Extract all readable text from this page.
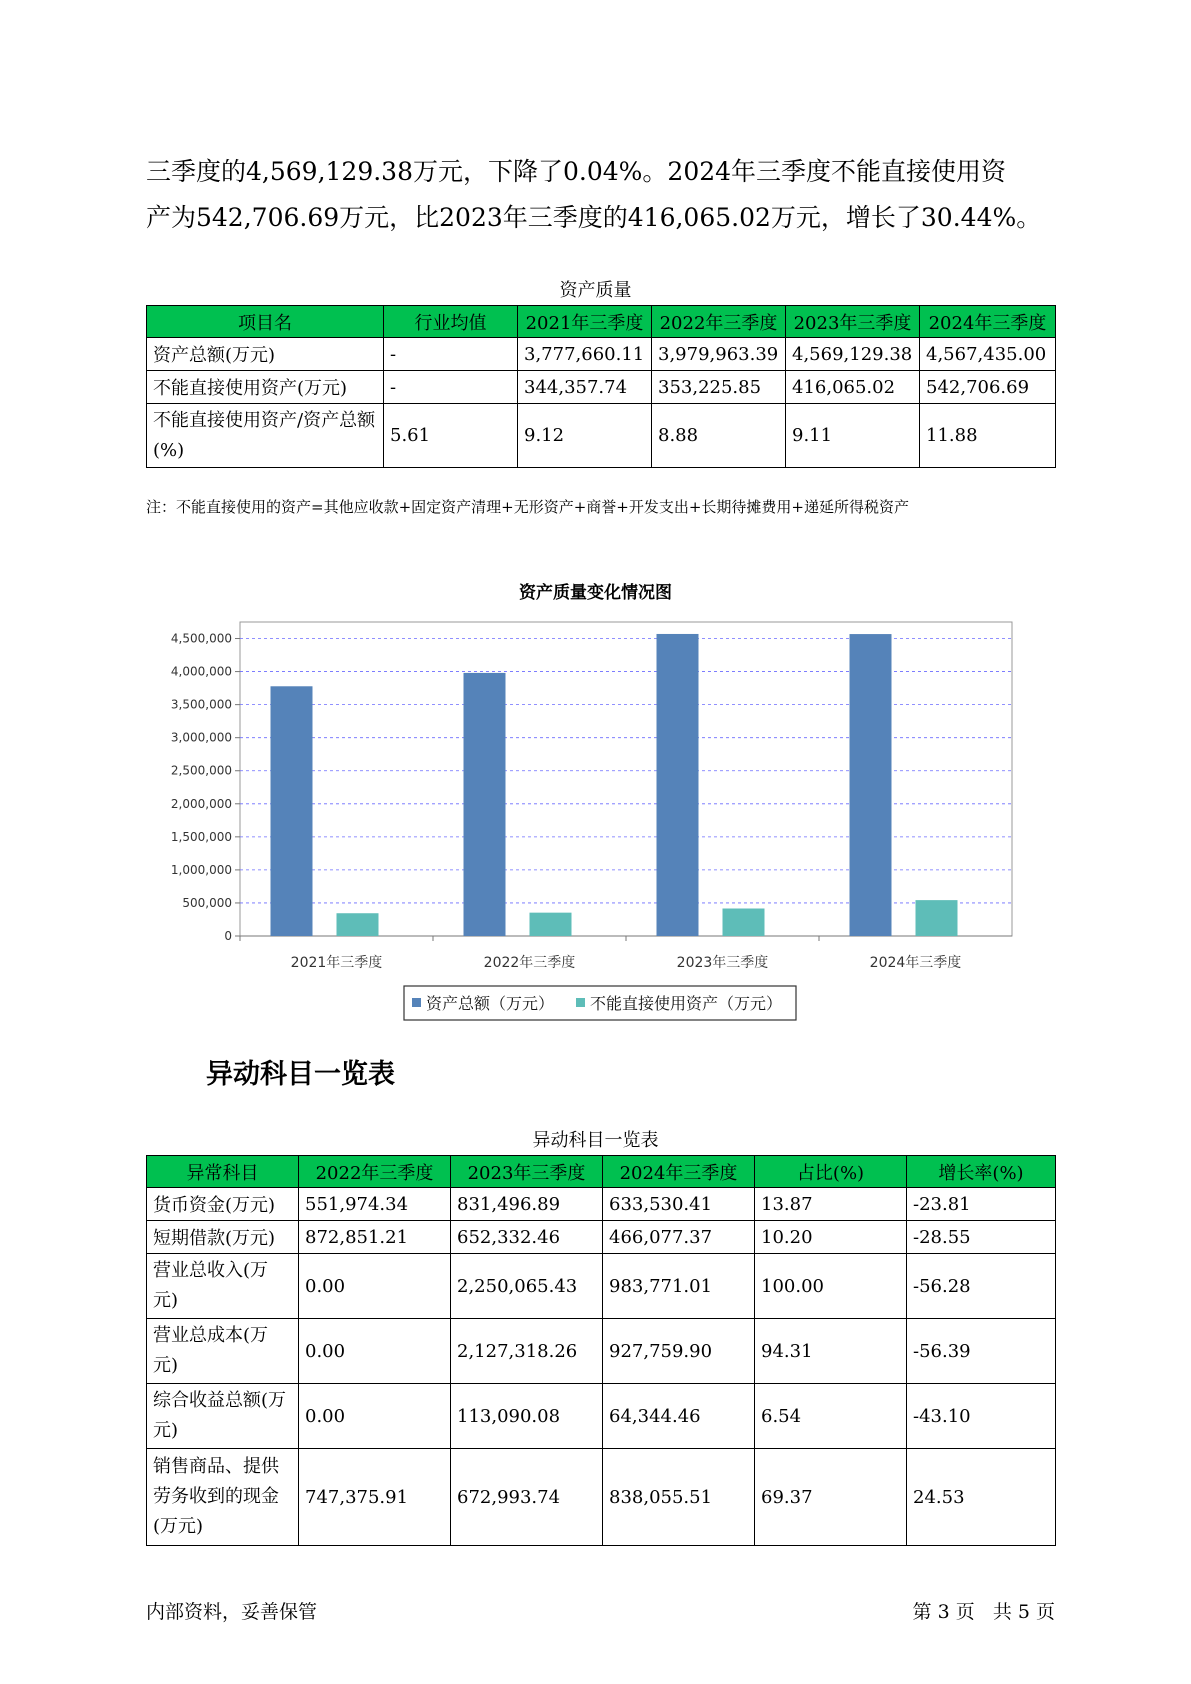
三季度的4,569,129.38万元，下降了0.04%。2024年三季度不能直接使用资

产为542,706.69万元，比2023年三季度的416,065.02万元，增长了30.44%。

资产质量

项目名	行业均值	2021年三季度	2022年三季度	2023年三季度	2024年三季度
资产总额(万元)	-	3,777,660.11	3,979,963.39	4,569,129.38	4,567,435.00
不能直接使用资产(万元)	-	344,357.74	353,225.85	416,065.02	542,706.69
不能直接使用资产/资产总额(%)	5.61	9.12	8.88	9.11	11.88

注：不能直接使用的资产=其他应收款+固定资产清理+无形资产+商誉+开发支出+长期待摊费用+递延所得税资产

资产质量变化情况图
0
500,000
1,000,000
1,500,000
2,000,000
2,500,000
3,000,000
3,500,000
4,000,000
4,500,000
2021年三季度	2022年三季度	2023年三季度	2024年三季度
资产总额（万元） 不能直接使用资产（万元）
异动科目一览表

异动科目一览表

异常科目	2022年三季度	2023年三季度	2024年三季度	占比(%)	增长率(%)
货币资金(万元)	551,974.34	831,496.89	633,530.41	13.87	-23.81
短期借款(万元)	872,851.21	652,332.46	466,077.37	10.20	-28.55
营业总收入(万元)	0.00	2,250,065.43	983,771.01	100.00	-56.28
营业总成本(万元)	0.00	2,127,318.26	927,759.90	94.31	-56.39
综合收益总额(万元)	0.00	113,090.08	64,344.46	6.54	-43.10
销售商品、提供劳务收到的现金(万元)	747,375.91	672,993.74	838,055.51	69.37	24.53
内部资料，妥善保管	第 3 页   共 5 页
